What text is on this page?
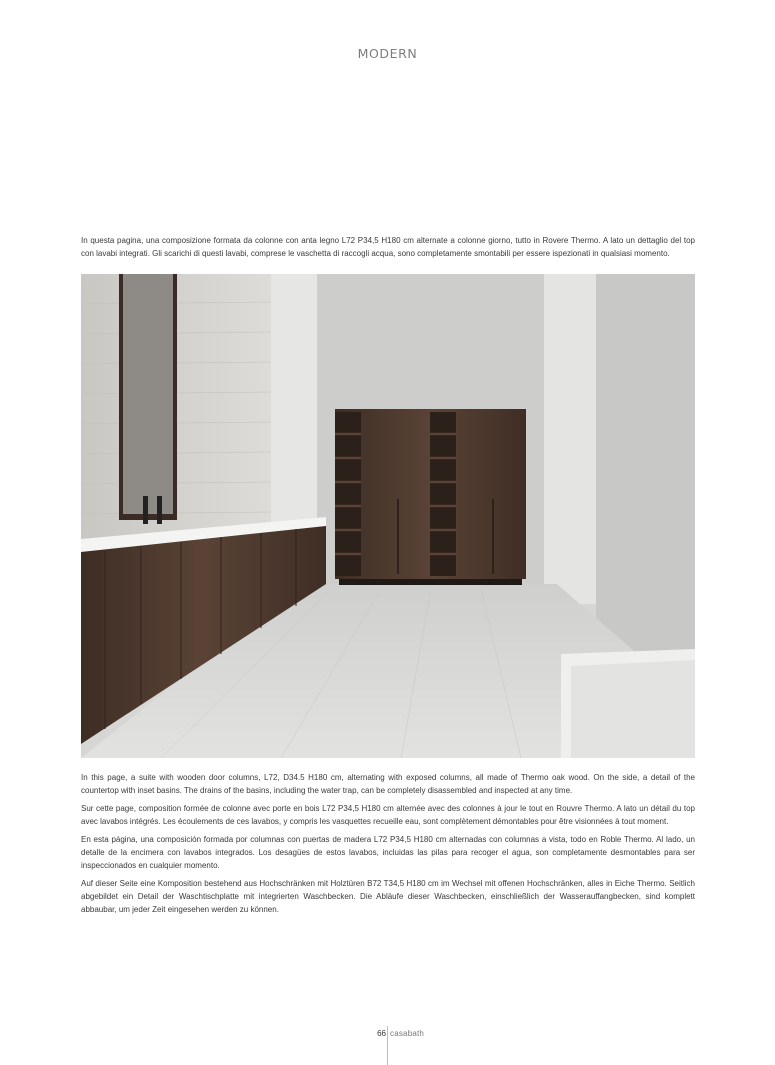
MODERN

In questa pagina, una composizione formata da colonne con anta legno L72 P34,5 H180 cm alternate a colonne giorno, tutto in Rovere Thermo. A lato un dettaglio del top con lavabi integrati. Gli scarichi di questi lavabi, comprese le vaschetta di raccogli acqua, sono completamente smontabili per essere ispezionati in qualsiasi momento.

In this page, a suite with wooden door columns, L72, D34.5 H180 cm, alternating with exposed columns, all made of Thermo oak wood. On the side, a detail of the countertop with inset basins. The drains of the basins, including the water trap, can be completely disassembled and inspected at any time.

Sur cette page, composition formée de colonne avec porte en bois L72 P34,5 H180 cm alternée avec des colonnes à jour le tout en Rouvre Thermo. A lato un détail du top avec lavabos intégrés. Les écoulements de ces lavabos, y compris les vasquettes recueille eau, sont complètement démontables pour être visionnées à tout moment.

En esta página, una composición formada por columnas con puertas de madera L72 P34,5 H180 cm alternadas con columnas a vista, todo en Roble Thermo. Al lado, un detalle de la encimera con lavabos integrados. Los desagües de estos lavabos, incluidas las pilas para recoger el agua, son completamente desmontables para ser inspeccionados en cualquier momento.

Auf dieser Seite eine Komposition bestehend aus Hochschränken mit Holztüren B72 T34,5 H180 cm im Wechsel mit offenen Hochschränken, alles in Eiche Thermo. Seitlich abgebildet ein Detail der Waschtischplatte mit integrierten Waschbecken. Die Abläufe dieser Waschbecken, einschließlich der Wasserauffangbecken, sind komplett abbaubar, um jeder Zeit eingesehen werden zu können.

66 casabath
